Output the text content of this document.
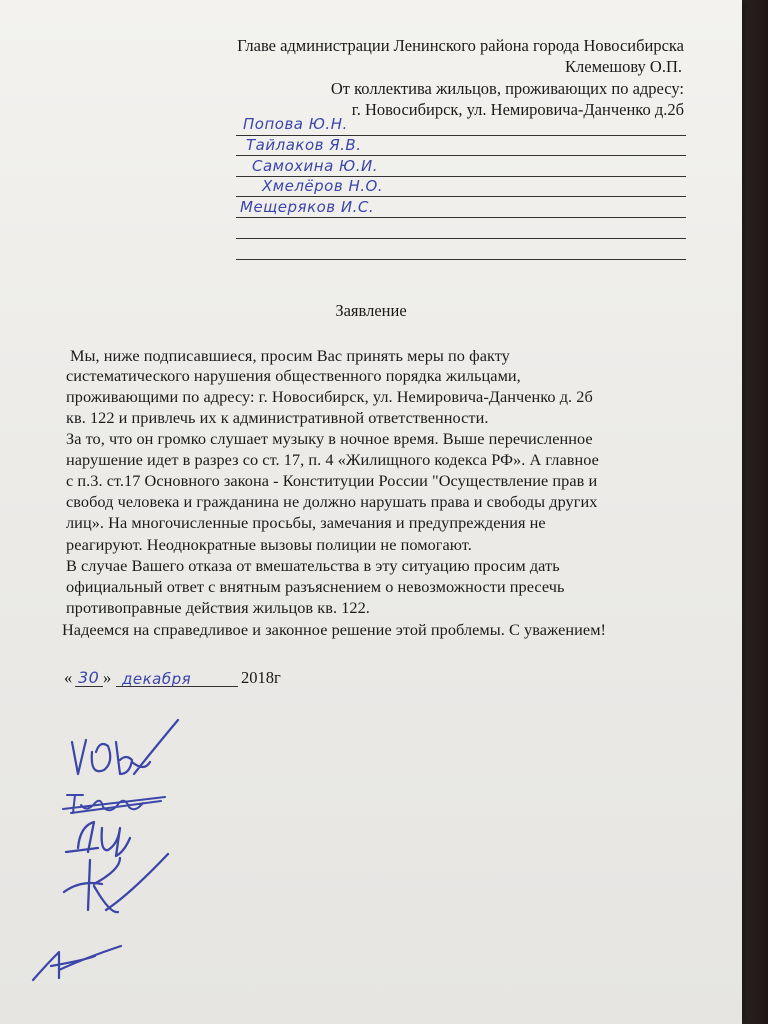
Главе администрации Ленинского района города Новосибирска
Клемешову О.П.
От коллектива жильцов, проживающих по адресу:
г. Новосибирск, ул. Немировича-Данченко д.2б
Попова Ю.Н.
Тайлаков Я.В.
Самохина Ю.И.
Хмелёров Н.О.
Мещеряков И.С.
Заявление
Мы, ниже подписавшиеся, просим Вас принять меры по факту
систематического нарушения общественного порядка жильцами,
проживающими по адресу: г. Новосибирск, ул. Немировича-Данченко д. 2б
кв. 122 и привлечь их к административной ответственности.
За то, что он громко слушает музыку в ночное время. Выше перечисленное
нарушение идет в разрез со ст. 17, п. 4 «Жилищного кодекса РФ». А главное
с п.3. ст.17 Основного закона - Конституции России "Осуществление прав и
свобод человека и гражданина не должно нарушать права и свободы других
лиц». На многочисленные просьбы, замечания и предупреждения не
реагируют. Неоднократные вызовы полиции не помогают.
В случае Вашего отказа от вмешательства в эту ситуацию просим дать
официальный ответ с внятным разъяснением о невозможности пресечь
противоправные действия жильцов кв. 122.
Надеемся на справедливое и законное решение этой проблемы. С уважением!
« »	2018г
30 декабря
